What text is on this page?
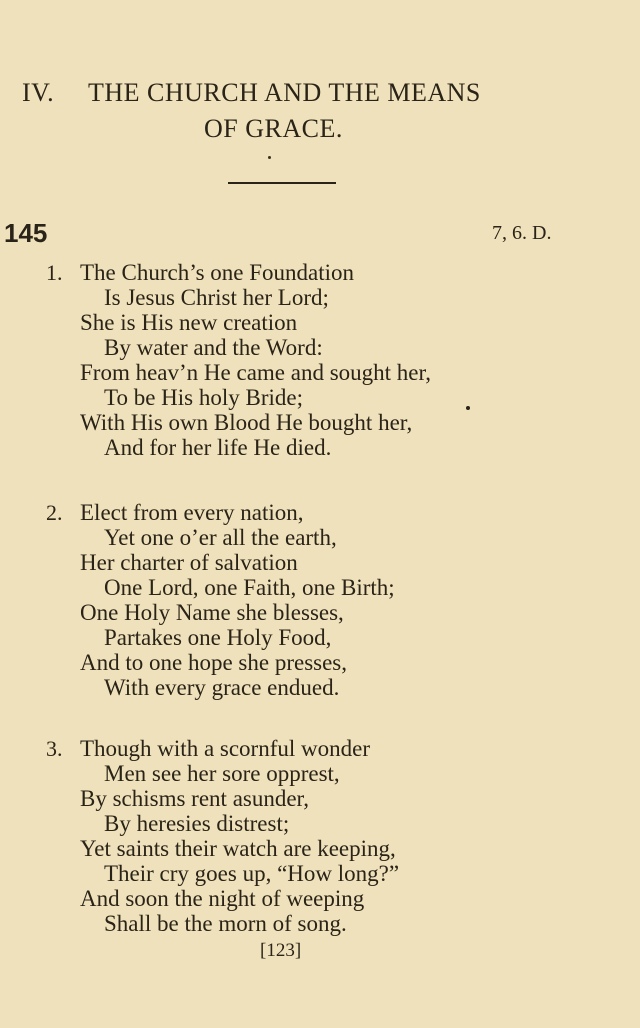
IV. THE CHURCH AND THE MEANS
OF GRACE.
145	7, 6. D.
1. The Church’s one Foundation
Is Jesus Christ her Lord;
She is His new creation
By water and the Word:
From heav’n He came and sought her,
To be His holy Bride;
With His own Blood He bought her,
And for her life He died.
2. Elect from every nation,
Yet one o’er all the earth,
Her charter of salvation
One Lord, one Faith, one Birth;
One Holy Name she blesses,
Partakes one Holy Food,
And to one hope she presses,
With every grace endued.
3. Though with a scornful wonder
Men see her sore opprest,
By schisms rent asunder,
By heresies distrest;
Yet saints their watch are keeping,
Their cry goes up, “How long?”
And soon the night of weeping
Shall be the morn of song.
[123]
